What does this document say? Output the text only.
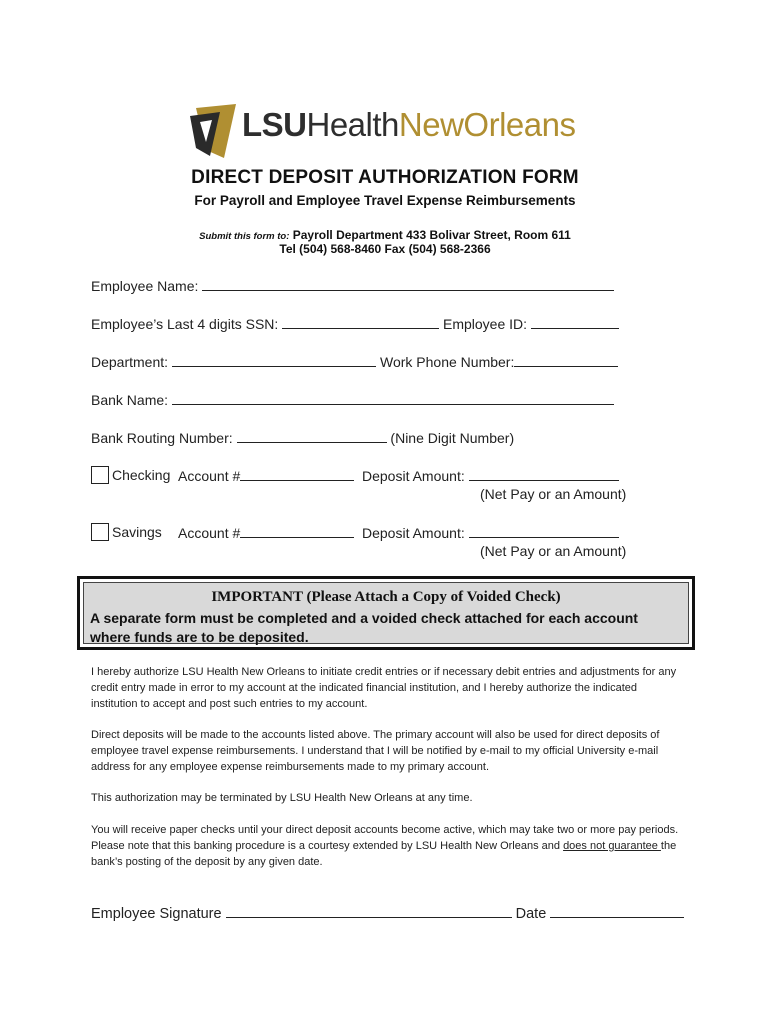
LSUHealthNewOrleans
DIRECT DEPOSIT AUTHORIZATION FORM
For Payroll and Employee Travel Expense Reimbursements
Submit this form to: Payroll Department 433 Bolivar Street, Room 611
Tel (504) 568-8460 Fax (504) 568-2366
Employee Name:
Employee’s Last 4 digits SSN:	Employee ID:
Department:	Work Phone Number:
Bank Name:
Bank Routing Number:	(Nine Digit Number)
Checking Account #	Deposit Amount:
(Net Pay or an Amount)
Savings Account #	Deposit Amount:
(Net Pay or an Amount)
IMPORTANT (Please Attach a Copy of Voided Check)
A separate form must be completed and a voided check attached for each account where funds are to be deposited.
I hereby authorize LSU Health New Orleans to initiate credit entries or if necessary debit entries and adjustments for any credit entry made in error to my account at the indicated financial institution, and I hereby authorize the indicated institution to accept and post such entries to my account.
Direct deposits will be made to the accounts listed above. The primary account will also be used for direct deposits of employee travel expense reimbursements. I understand that I will be notified by e-mail to my official University e-mail address for any employee expense reimbursements made to my primary account.
This authorization may be terminated by LSU Health New Orleans at any time.
You will receive paper checks until your direct deposit accounts become active, which may take two or more pay periods. Please note that this banking procedure is a courtesy extended by LSU Health New Orleans and does not guarantee the bank’s posting of the deposit by any given date.
Employee Signature	Date
